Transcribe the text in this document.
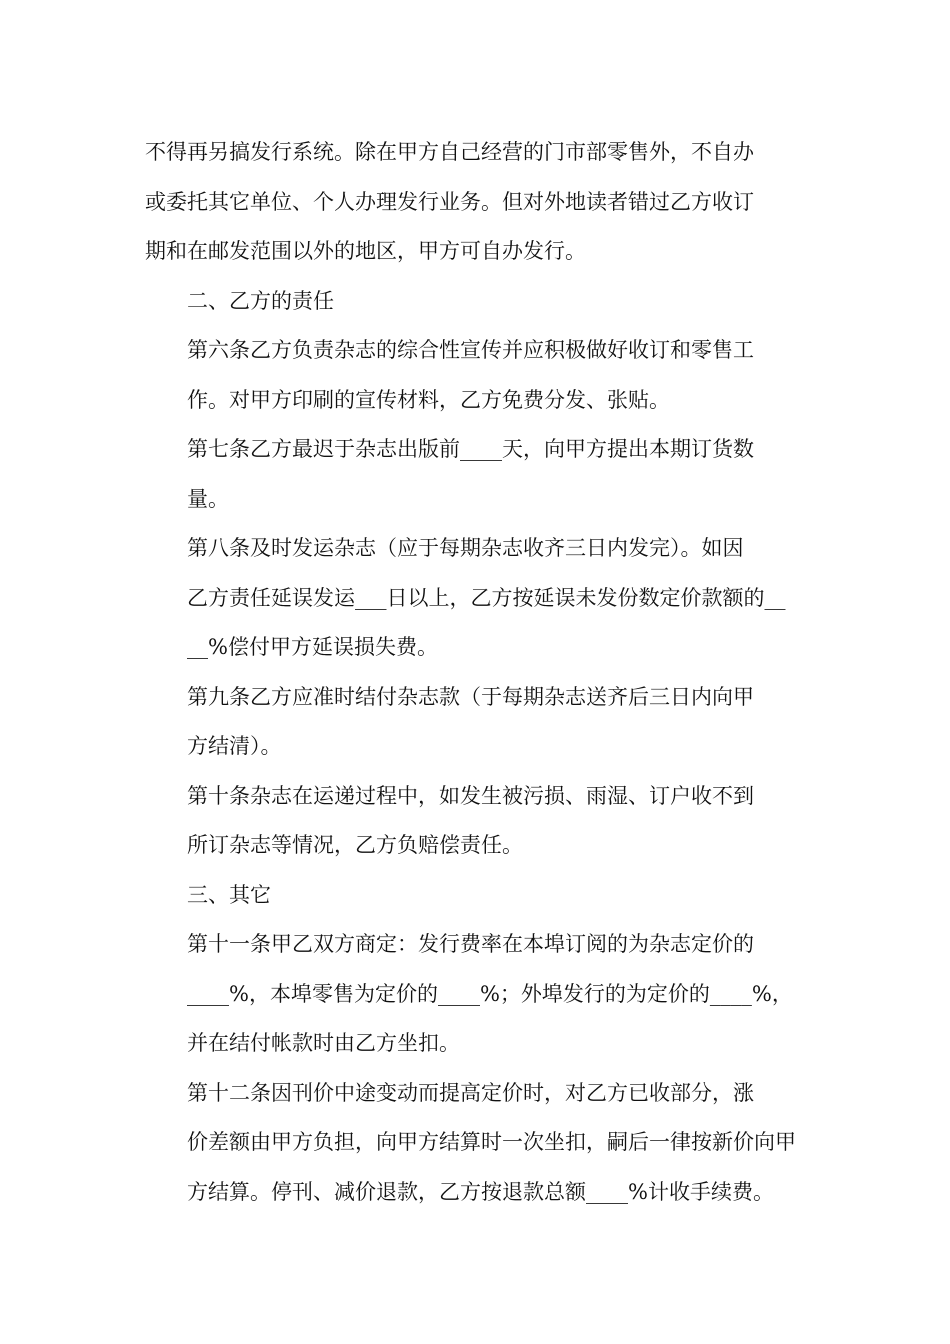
不得再另搞发行系统。除在甲方自己经营的门市部零售外，不自办
或委托其它单位、个人办理发行业务。但对外地读者错过乙方收订
期和在邮发范围以外的地区，甲方可自办发行。

二、乙方的责任

第六条乙方负责杂志的综合性宣传并应积极做好收订和零售工
作。对甲方印刷的宣传材料，乙方免费分发、张贴。

第七条乙方最迟于杂志出版前____天，向甲方提出本期订货数
量。

第八条及时发运杂志（应于每期杂志收齐三日内发完）。如因
乙方责任延误发运___日以上，乙方按延误未发份数定价款额的__
__%偿付甲方延误损失费。

第九条乙方应准时结付杂志款（于每期杂志送齐后三日内向甲
方结清）。

第十条杂志在运递过程中，如发生被污损、雨湿、订户收不到
所订杂志等情况，乙方负赔偿责任。

三、其它

第十一条甲乙双方商定：发行费率在本埠订阅的为杂志定价的
____%，本埠零售为定价的____%；外埠发行的为定价的____%，
并在结付帐款时由乙方坐扣。

第十二条因刊价中途变动而提高定价时，对乙方已收部分，涨
价差额由甲方负担，向甲方结算时一次坐扣，嗣后一律按新价向甲
方结算。停刊、减价退款，乙方按退款总额____%计收手续费。
